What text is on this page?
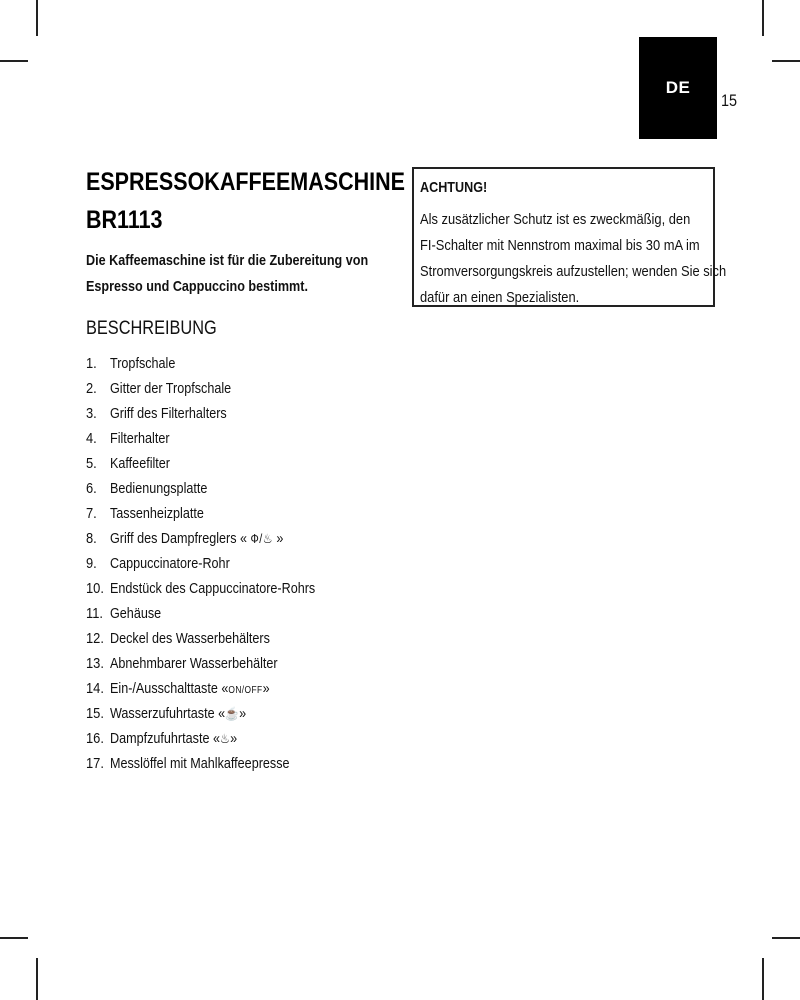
DE
15
ESPRESSOKAFFEEMASCHINE
BR1113
Die Kaffeemaschine ist für die Zubereitung von
Espresso und Cappuccino bestimmt.
BESCHREIBUNG
1. Tropfschale
2. Gitter der Tropfschale
3. Griff des Filterhalters
4. Filterhalter
5. Kaffeefilter
6. Bedienungsplatte
7. Tassenheizplatte
8. Griff des Dampfreglers « Ф/♨ »
9. Cappuccinatore-Rohr
10. Endstück des Cappuccinatore-Rohrs
11. Gehäuse
12. Deckel des Wasserbehälters
13. Abnehmbarer Wasserbehälter
14. Ein-/Ausschalttaste «ON/OFF»
15. Wasserzufuhrtaste «☕»
16. Dampfzufuhrtaste «♨»
17. Messlöffel mit Mahlkaffeepresse
ACHTUNG!
Als zusätzlicher Schutz ist es zweckmäßig, den
FI-Schalter mit Nennstrom maximal bis 30 mA im
Stromversorgungskreis aufzustellen; wenden Sie sich
dafür an einen Spezialisten.
